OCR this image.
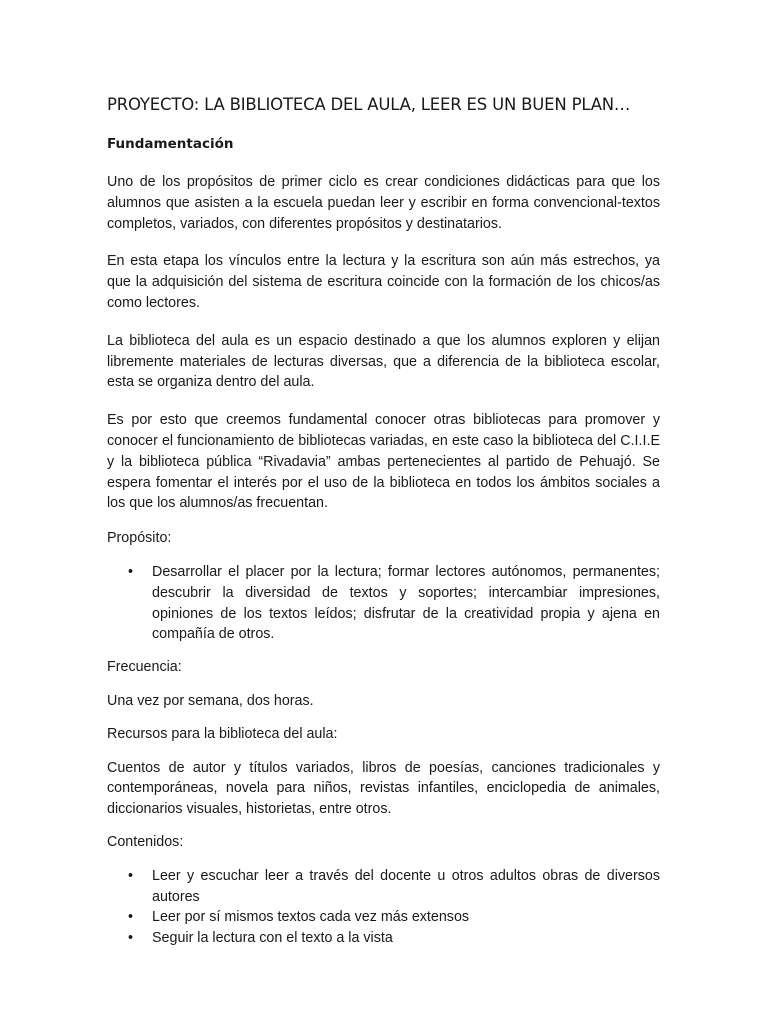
PROYECTO: LA BIBLIOTECA DEL AULA, LEER ES UN BUEN PLAN…
Fundamentación

Uno de los propósitos de primer ciclo es crear condiciones didácticas para que los alumnos que asisten a la escuela puedan leer y escribir en forma convencional-textos completos, variados, con diferentes propósitos y destinatarios.

En esta etapa los vínculos entre la lectura y la escritura son aún más estrechos, ya que la adquisición del sistema de escritura coincide con la formación de los chicos/as como lectores.

La biblioteca del aula es un espacio destinado a que los alumnos exploren y elijan libremente materiales de lecturas diversas, que a diferencia de la biblioteca escolar, esta se organiza dentro del aula.

Es por esto que creemos fundamental conocer otras bibliotecas para promover y conocer el funcionamiento de bibliotecas variadas, en este caso la biblioteca del C.I.I.E y la biblioteca pública “Rivadavia” ambas pertenecientes al partido de Pehuajó. Se espera fomentar el interés por el uso de la biblioteca en todos los ámbitos sociales a los que los alumnos/as frecuentan.

Propósito:

• Desarrollar el placer por la lectura; formar lectores autónomos, permanentes; descubrir la diversidad de textos y soportes; intercambiar impresiones, opiniones de los textos leídos; disfrutar de la creatividad propia y ajena en compañía de otros.

Frecuencia:

Una vez por semana, dos horas.

Recursos para la biblioteca del aula:

Cuentos de autor y títulos variados, libros de poesías, canciones tradicionales y contemporáneas, novela para niños, revistas infantiles, enciclopedia de animales, diccionarios visuales, historietas, entre otros.

Contenidos:

• Leer y escuchar leer a través del docente u otros adultos obras de diversos autores
• Leer por sí mismos textos cada vez más extensos
• Seguir la lectura con el texto a la vista
